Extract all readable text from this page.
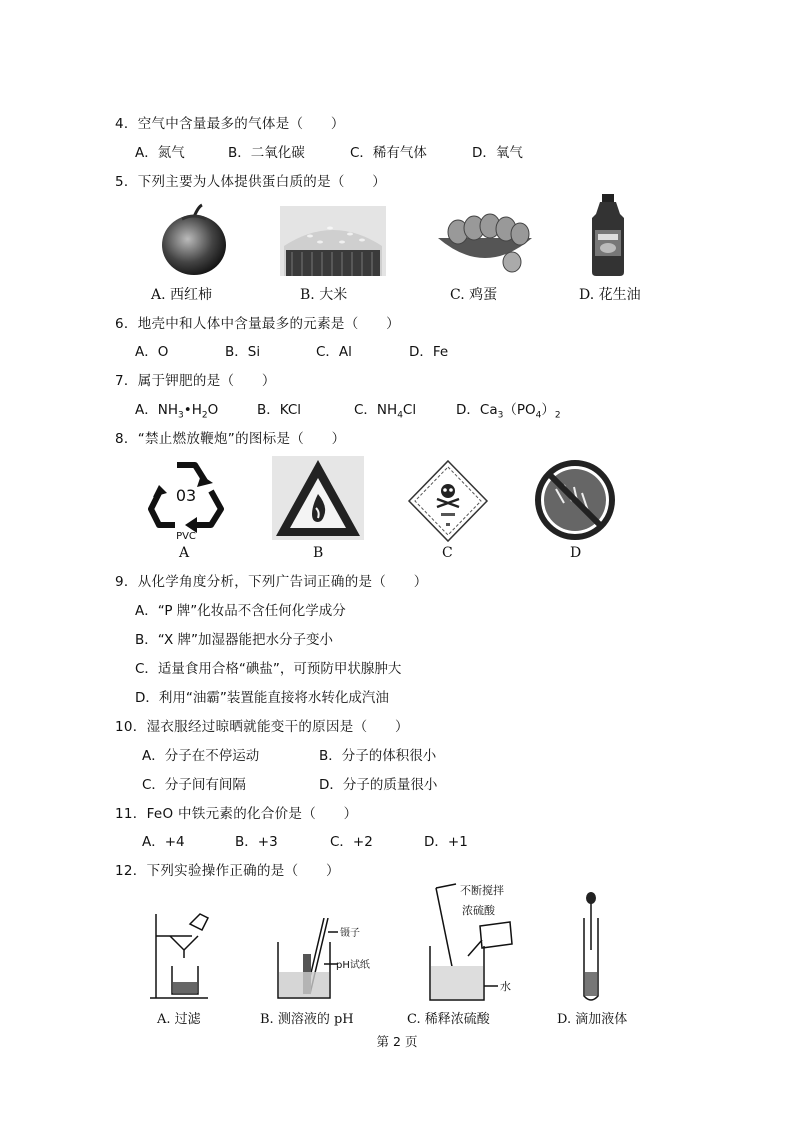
4．空气中含量最多的气体是（　　）
A．氮气	B．二氧化碳	C．稀有气体	D．氧气
5．下列主要为人体提供蛋白质的是（　　）
A. 西红柿	B. 大米	C. 鸡蛋	D. 花生油
6．地壳中和人体中含量最多的元素是（　　）
A．O	B．Si	C．Al	D．Fe
7．属于钾肥的是（　　）
A．$NH_3•H_2O$	B．KCl	C．$NH_4Cl$	D．$Ca_3(PO_4)_2$
8．“禁止燃放鞭炮”的图标是（　　）
03
PVC
A	B	C	D
9．从化学角度分析，下列广告词正确的是（　　）
A．“P 牌”化妆品不含任何化学成分
B．“X 牌”加湿器能把水分子变小
C．适量食用合格“碘盐”，可预防甲状腺肿大
D．利用“油霸”装置能直接将水转化成汽油
10．湿衣服经过晾晒就能变干的原因是（　　）
A．分子在不停运动	B．分子的体积很小
C．分子间有间隔	D．分子的质量很小
11．FeO 中铁元素的化合价是（　　）
A．+4	B．+3	C．+2	D．+1
12．下列实验操作正确的是（　　）
镊子
pH试纸
不断搅拌
浓硫酸
水
A. 过滤	B. 测溶液的 pH	C. 稀释浓硫酸	D. 滴加液体
第 2 页
